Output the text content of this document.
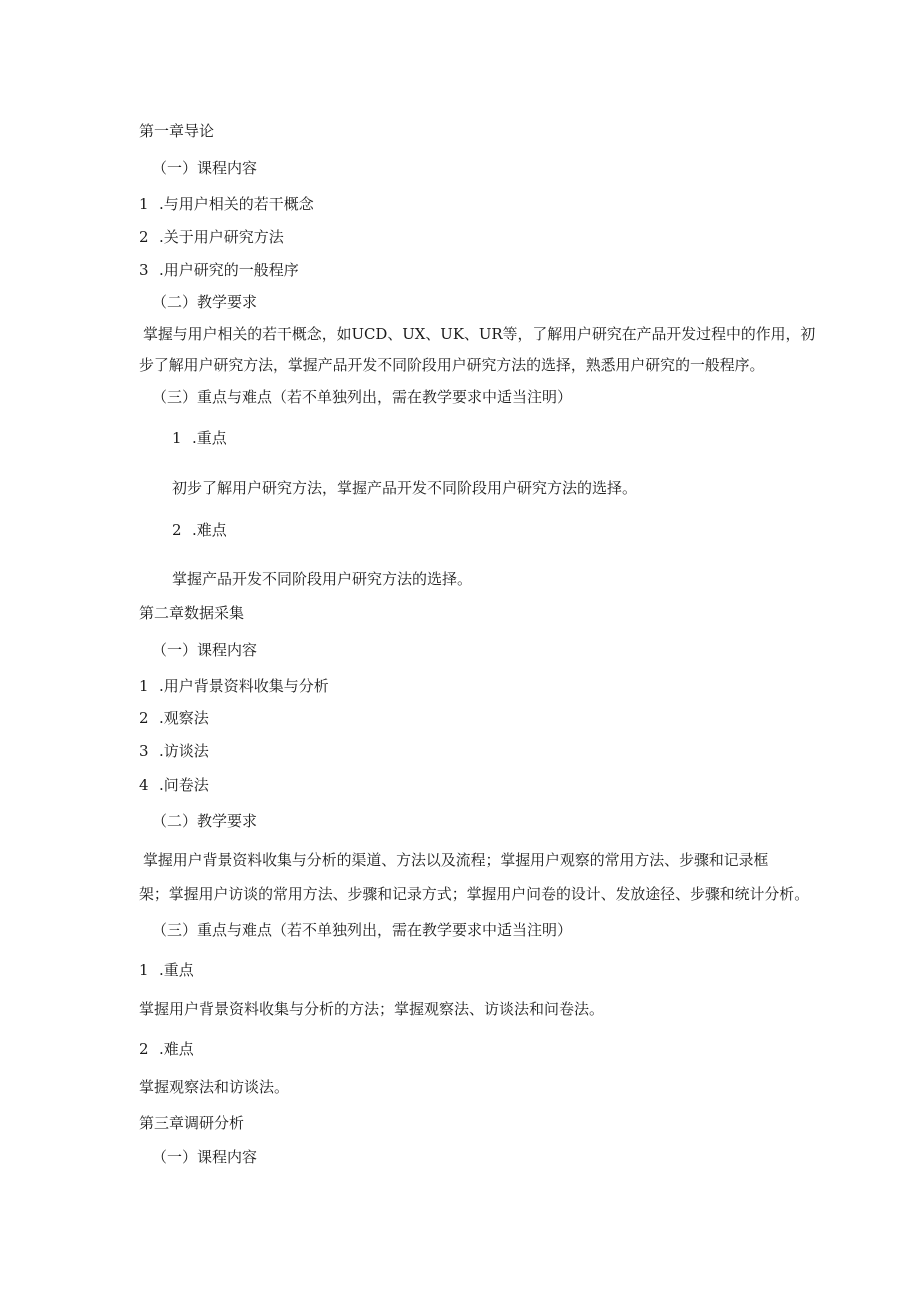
第一章导论

（一）课程内容

1 .与用户相关的若干概念

2 .关于用户研究方法

3 .用户研究的一般程序

（二）教学要求

掌握与用户相关的若干概念，如UCD、UX、UK、UR等，了解用户研究在产品开发过程中的作用，初

步了解用户研究方法，掌握产品开发不同阶段用户研究方法的选择，熟悉用户研究的一般程序。

（三）重点与难点（若不单独列出，需在教学要求中适当注明）

1 .重点

初步了解用户研究方法，掌握产品开发不同阶段用户研究方法的选择。

2 .难点

掌握产品开发不同阶段用户研究方法的选择。

第二章数据采集

（一）课程内容

1 .用户背景资料收集与分析

2 .观察法

3 .访谈法

4 .问卷法

（二）教学要求

掌握用户背景资料收集与分析的渠道、方法以及流程；掌握用户观察的常用方法、步骤和记录框

架；掌握用户访谈的常用方法、步骤和记录方式；掌握用户问卷的设计、发放途径、步骤和统计分析。

（三）重点与难点（若不单独列出，需在教学要求中适当注明）

1 .重点

掌握用户背景资料收集与分析的方法；掌握观察法、访谈法和问卷法。

2 .难点

掌握观察法和访谈法。

第三章调研分析

（一）课程内容
